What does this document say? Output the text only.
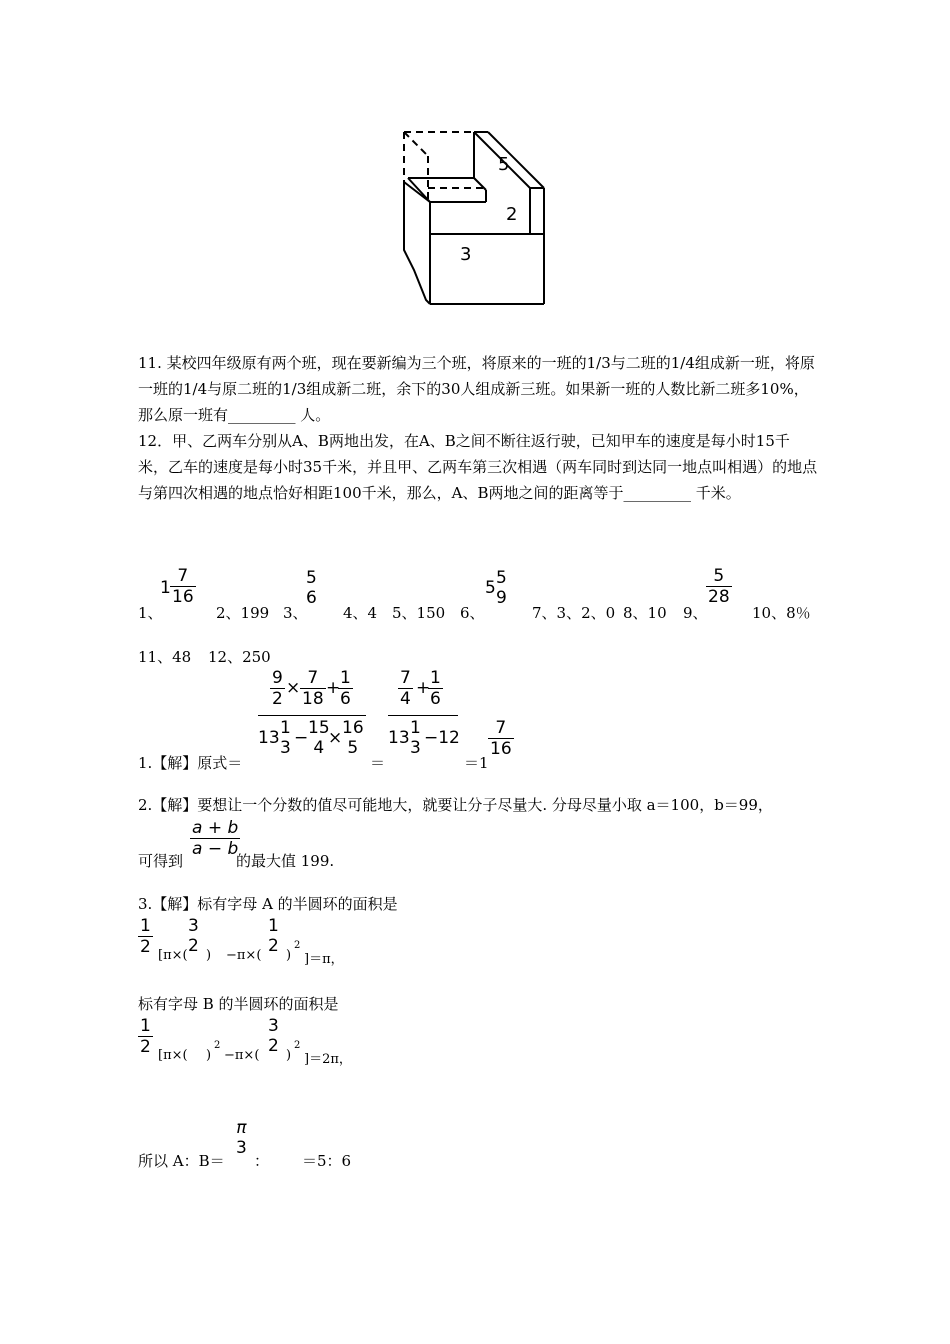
5
2
3
11. 某校四年级原有两个班，现在要新编为三个班，将原来的一班的1/3与二班的1/4组成新一班，将原一班的1/4与原二班的1/3组成新二班，余下的30人组成新三班。如果新一班的人数比新二班多10%，那么原一班有_________ 人。
12．甲、乙两车分别从A、B两地出发，在A、B之间不断往返行驶，已知甲车的速度是每小时15千米，乙车的速度是每小时35千米，并且甲、乙两车第三次相遇（两车同时到达同一地点叫相遇）的地点与第四次相遇的地点恰好相距100千米，那么，A、B两地之间的距离等于_________ 千米。
1、
$1 \frac{7}{16}$
2、199 3、
5
6
4、4 5、150 6、
5 5
9
7、3、2、0 8、10 9、
$\frac{5}{28}$
10、8％
11、48 12、250
1.【解】原式＝
$\frac{9}{2} \times \frac{7}{18}$ +
$\frac{1}{6}$
13 1
3 − 15
4 × 16
5
＝
$\frac{7}{4}$ +
$\frac{1}{6}$
13 1
3 −12
＝1
$\frac{7}{16}$
2.【解】要想让一个分数的值尽可能地大，就要让分子尽量大. 分母尽量小取 a＝100，b＝99，
可得到
$\frac{a + b}{a - b}$
的最大值 199.
3.【解】标有字母 A 的半圆环的面积是
$\frac{1}{2} [\pi\times$(
3
2 ) −π×(
1
2 )
2
]＝π，
标有字母 B 的半圆环的面积是
$\frac{1}{2} [\pi\times$( )
2
−π×(
3
2 )
2
]＝2π，
所以 A：B＝
π
3
： ＝5：6
